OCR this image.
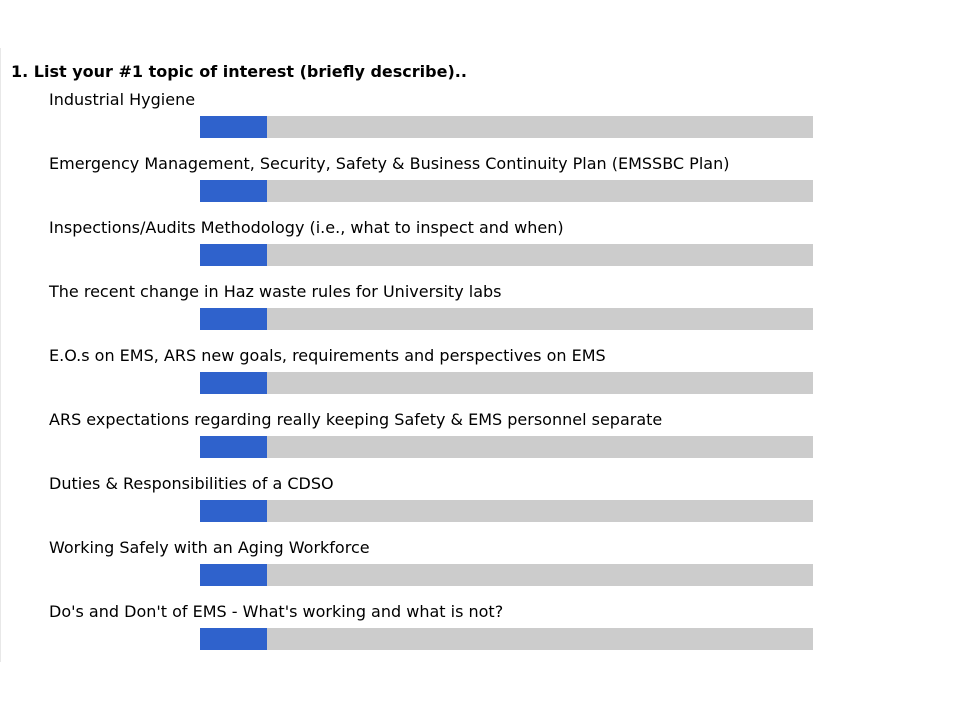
1. List your #1 topic of interest (briefly describe)..
Industrial Hygiene
Emergency Management, Security, Safety & Business Continuity Plan (EMSSBC Plan)
Inspections/Audits Methodology (i.e., what to inspect and when)
The recent change in Haz waste rules for University labs
E.O.s on EMS, ARS new goals, requirements and perspectives on EMS
ARS expectations regarding really keeping Safety & EMS personnel separate
Duties & Responsibilities of a CDSO
Working Safely with an Aging Workforce
Do's and Don't of EMS - What's working and what is not?
